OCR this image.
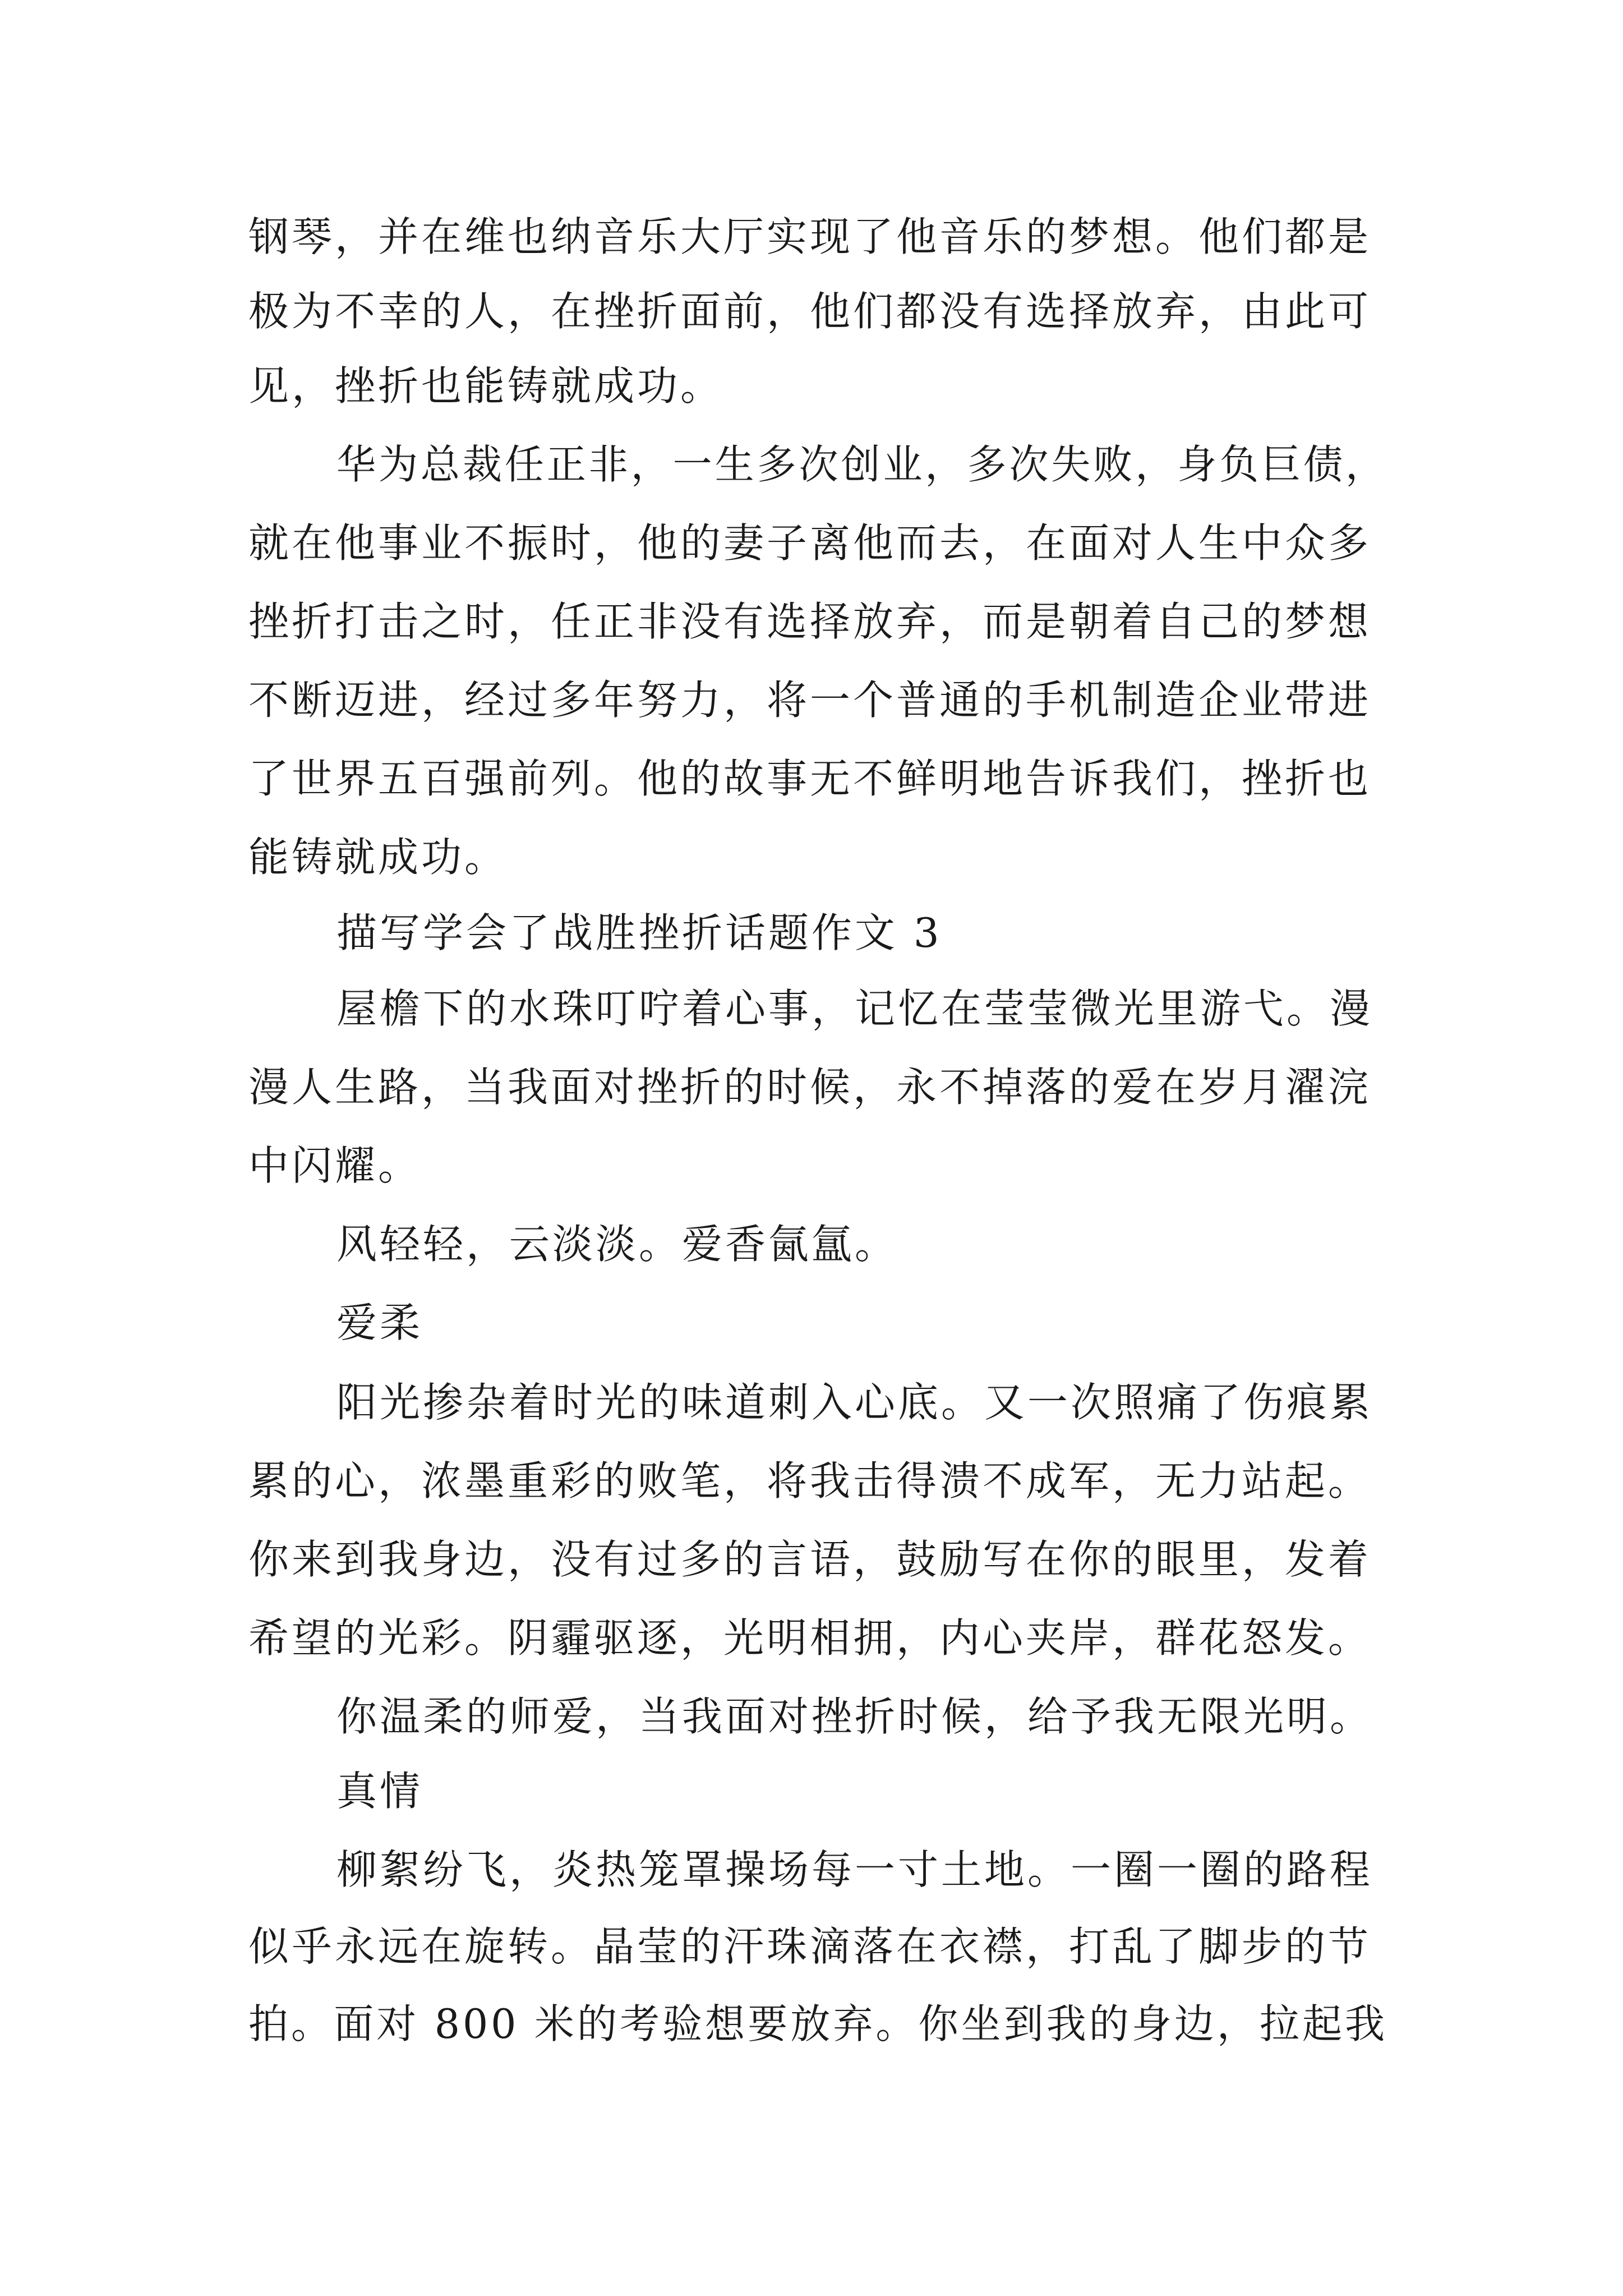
钢琴，并在维也纳音乐大厅实现了他音乐的梦想。他们都是
极为不幸的人，在挫折面前，他们都没有选择放弃，由此可
见，挫折也能铸就成功。
华为总裁任正非，一生多次创业，多次失败，身负巨债，
就在他事业不振时，他的妻子离他而去，在面对人生中众多
挫折打击之时，任正非没有选择放弃，而是朝着自己的梦想
不断迈进，经过多年努力，将一个普通的手机制造企业带进
了世界五百强前列。他的故事无不鲜明地告诉我们，挫折也
能铸就成功。
描写学会了战胜挫折话题作文 3
屋檐下的水珠叮咛着心事，记忆在莹莹微光里游弋。漫
漫人生路，当我面对挫折的时候，永不掉落的爱在岁月濯浣
中闪耀。
风轻轻，云淡淡。爱香氤氲。
爱柔
阳光掺杂着时光的味道刺入心底。又一次照痛了伤痕累
累的心，浓墨重彩的败笔，将我击得溃不成军，无力站起。
你来到我身边，没有过多的言语，鼓励写在你的眼里，发着
希望的光彩。阴霾驱逐，光明相拥，内心夹岸，群花怒发。
你温柔的师爱，当我面对挫折时候，给予我无限光明。
真情
柳絮纷飞，炎热笼罩操场每一寸土地。一圈一圈的路程
似乎永远在旋转。晶莹的汗珠滴落在衣襟，打乱了脚步的节
拍。面对 800 米的考验想要放弃。你坐到我的身边，拉起我
